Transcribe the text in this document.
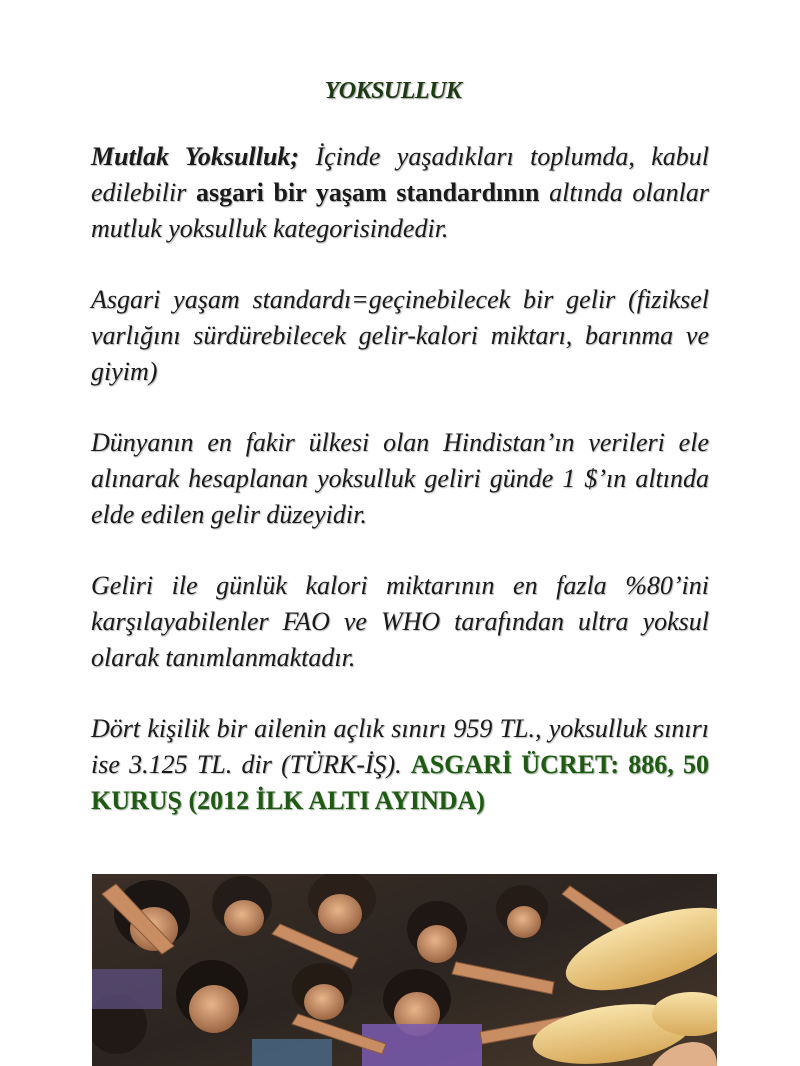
YOKSULLUK

Mutlak Yoksulluk; İçinde yaşadıkları toplumda, kabul edilebilir asgari bir yaşam standardının altında olanlar mutluk yoksulluk kategorisindedir.

Asgari yaşam standardı=geçinebilecek bir gelir (fiziksel varlığını sürdürebilecek gelir-kalori miktarı, barınma ve giyim)

Dünyanın en fakir ülkesi olan Hindistan’ın verileri ele alınarak hesaplanan yoksulluk geliri günde 1 $’ın altında elde edilen gelir düzeyidir.

Geliri ile günlük kalori miktarının en fazla %80’ini karşılayabilenler FAO ve WHO tarafından ultra yoksul olarak tanımlanmaktadır.

Dört kişilik bir ailenin açlık sınırı 959 TL., yoksulluk sınırı ise 3.125 TL. dir (TÜRK-İŞ). ASGARİ ÜCRET: 886, 50 KURUŞ (2012 İLK ALTI AYINDA)
